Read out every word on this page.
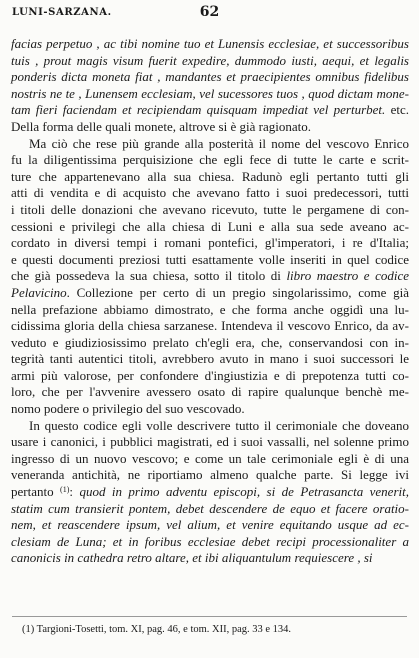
LUNI-SARZANA.	62

facias perpetuo , ac tibi nomine tuo et Lunensis ecclesiae, et successoribus
tuis , prout magis visum fuerit expedire, dummodo iusti, aequi, et legalis
ponderis dicta moneta fiat , mandantes et praecipientes omnibus fidelibus
nostris ne te , Lunensem ecclesiam, vel sucessores tuos , quod dictam mone-
tam fieri faciendam et recipiendam quisquam impediat vel perturbet. etc.
Della forma delle quali monete, altrove si è già ragionato.

Ma ciò che rese più grande alla posterità il nome del vescovo Enrico
fu la diligentissima perquisizione che egli fece di tutte le carte e scrit-
ture che appartenevano alla sua chiesa. Radunò egli pertanto tutti gli
atti di vendita e di acquisto che avevano fatto i suoi predecessori, tutti
i titoli delle donazioni che avevano ricevuto, tutte le pergamene di con-
cessioni e privilegi che alla chiesa di Luni e alla sua sede aveano ac-
cordato in diversi tempi i romani pontefici, gl'imperatori, i re d'Italia;
e questi documenti preziosi tutti esattamente volle inseriti in quel codice
che già possedeva la sua chiesa, sotto il titolo di libro maestro e codice
Pelavicino. Collezione per certo di un pregio singolarissimo, come già
nella prefazione abbiamo dimostrato, e che forma anche oggidì una lu-
cidissima gloria della chiesa sarzanese. Intendeva il vescovo Enrico, da av-
veduto e giudiziosissimo prelato ch'egli era, che, conservandosi con in-
tegrità tanti autentici titoli, avrebbero avuto in mano i suoi successori le
armi più valorose, per confondere d'ingiustizia e di prepotenza tutti co-
loro, che per l'avvenire avessero osato di rapire qualunque benchè me-
nomo podere o privilegio del suo vescovado.

In questo codice egli volle descrivere tutto il cerimoniale che doveano
usare i canonici, i pubblici magistrati, ed i suoi vassalli, nel solenne primo
ingresso di un nuovo vescovo; e come un tale cerimoniale egli è di una
veneranda antichità, ne riportiamo almeno qualche parte. Si legge ivi
pertanto $^{(1)}$: quod in primo adventu episcopi, si de Petrasancta venerit,
statim cum transierit pontem, debet descendere de equo et facere oratio-
nem, et reascendere ipsum, vel alium, et venire equitando usque ad ec-
clesiam de Luna; et in foribus ecclesiae debet recipi processionaliter a
canonicis in cathedra retro altare, et ibi aliquantulum requiescere , si

(1) Targioni-Tosetti, tom. XI, pag. 46, e tom. XII, pag. 33 e 134.
